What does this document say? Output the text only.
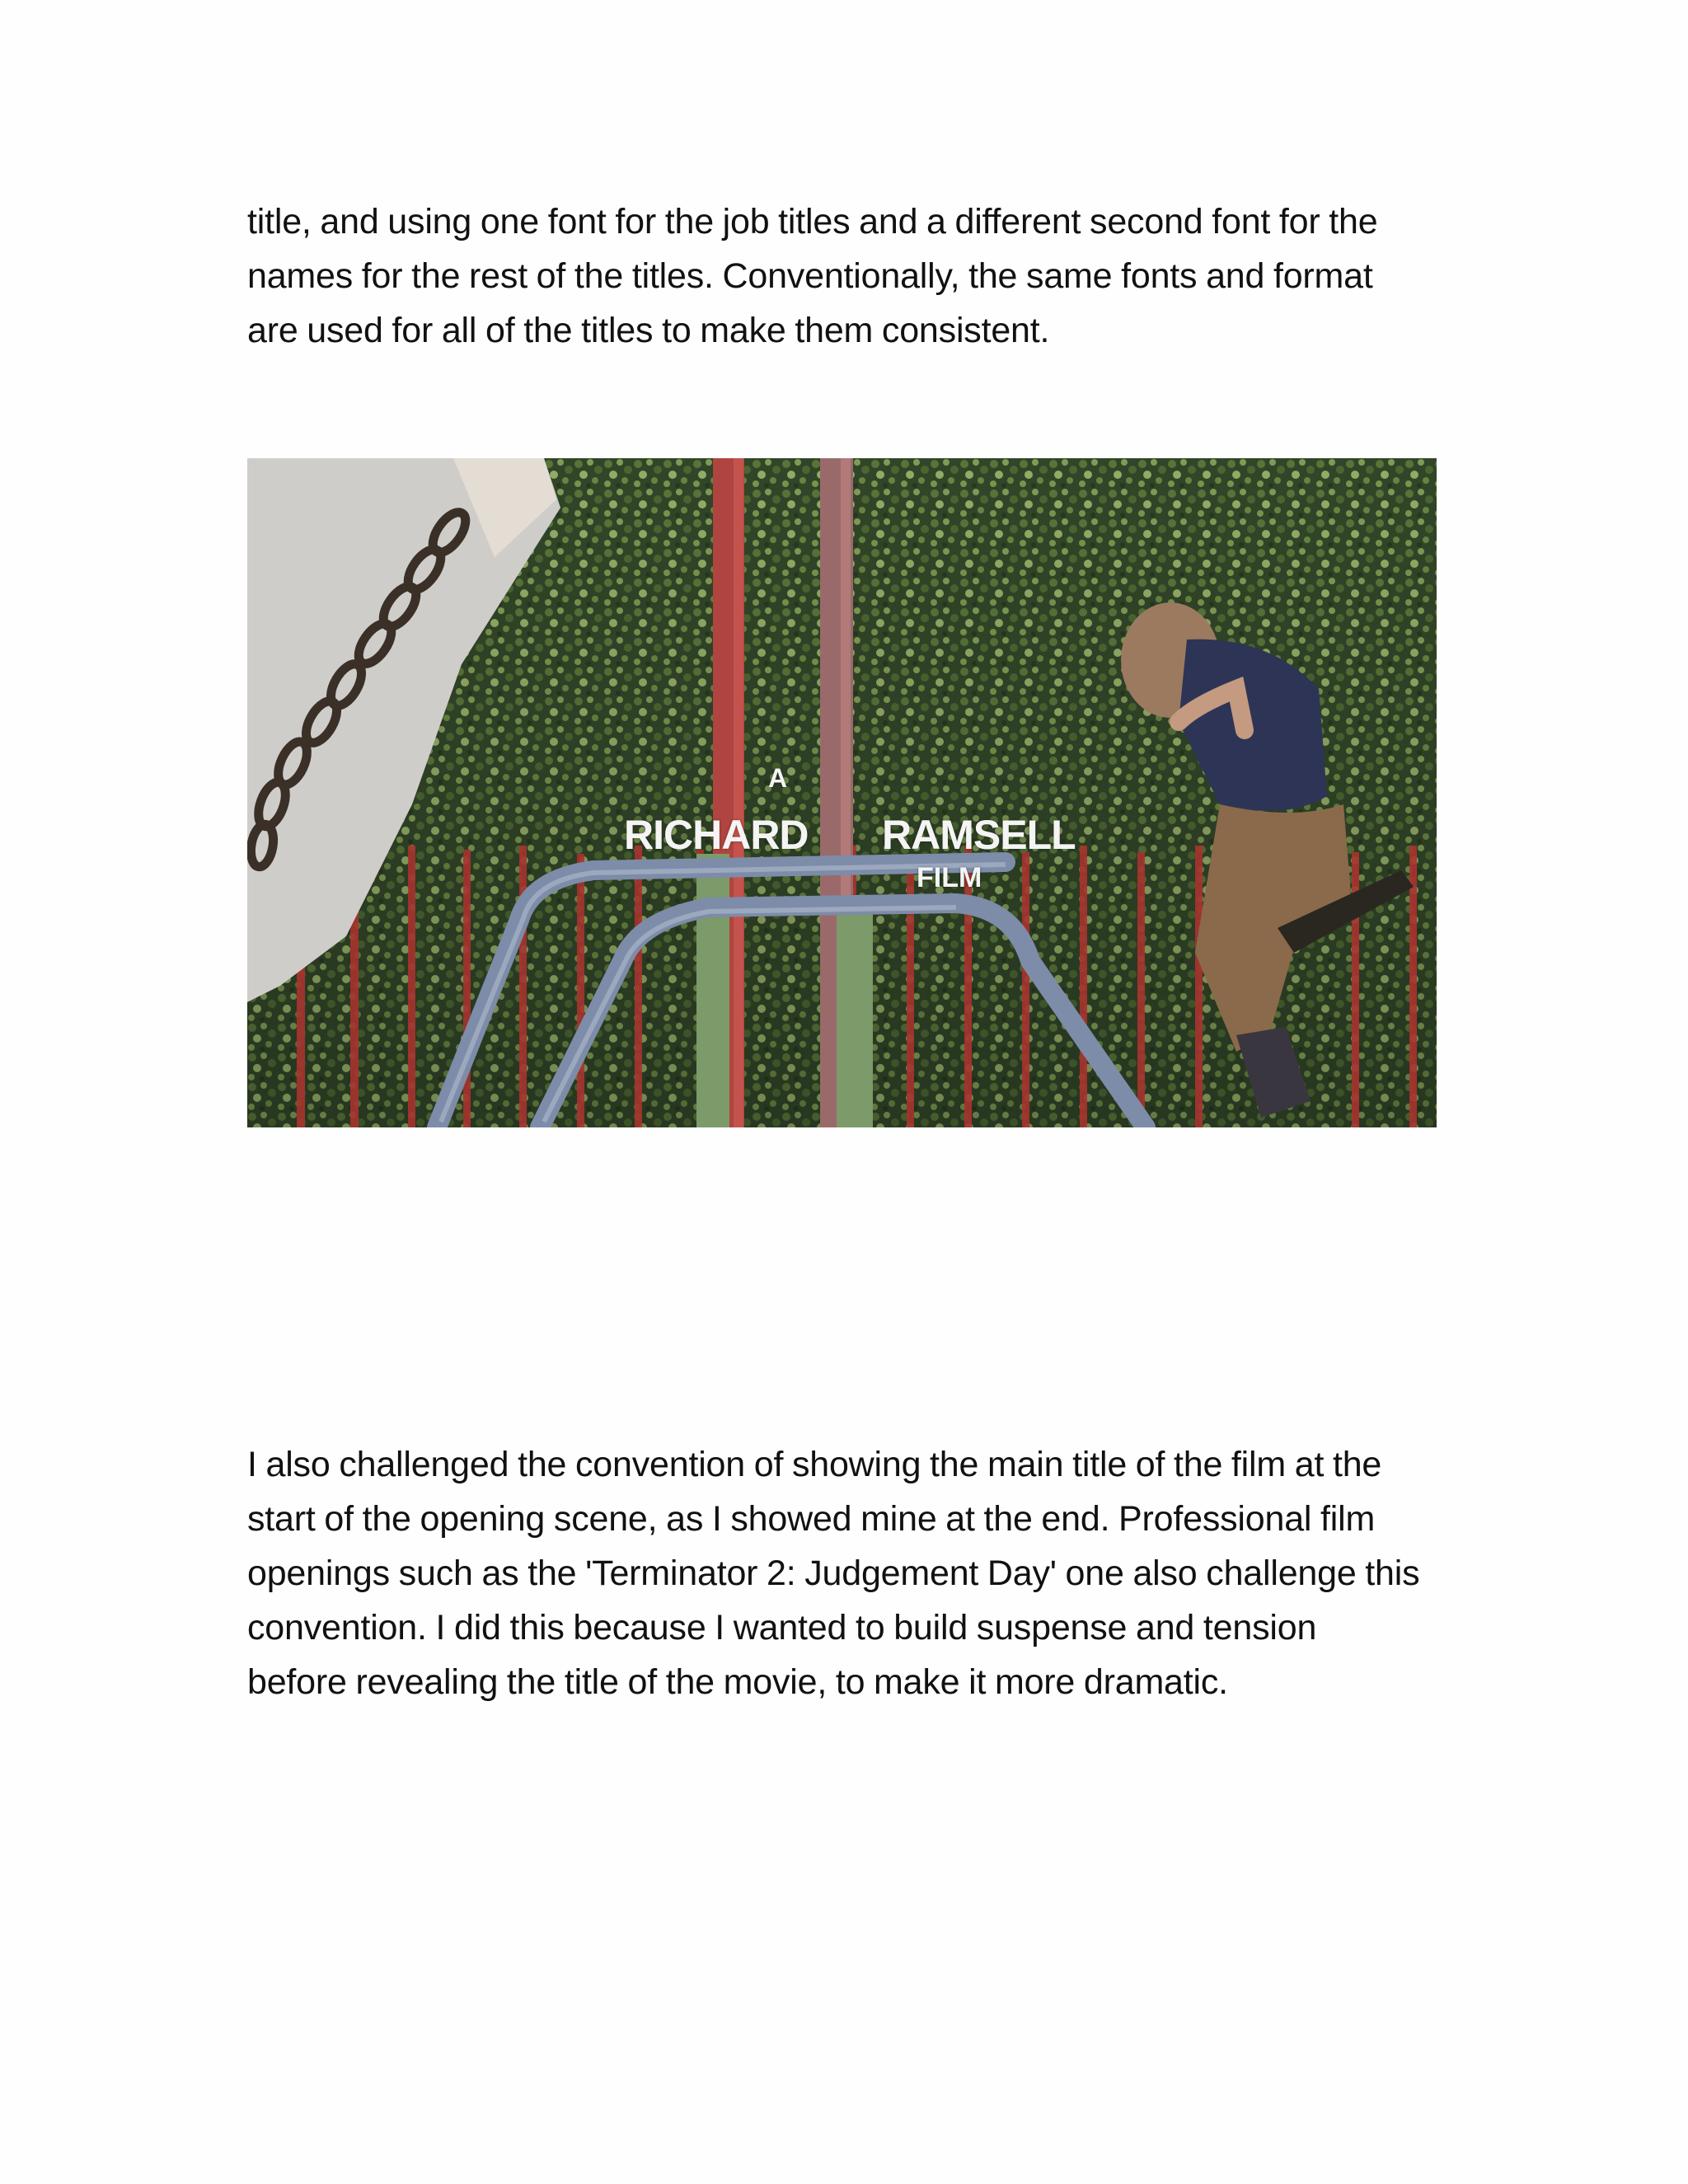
title, and using one font for the job titles and a different second font for the
names for the rest of the titles. Conventionally, the same fonts and format
are used for all of the titles to make them consistent.

A
RICHARD RAMSELL
FILM

I also challenged the convention of showing the main title of the film at the
start of the opening scene, as I showed mine at the end. Professional film
openings such as the 'Terminator 2: Judgement Day' one also challenge this
convention. I did this because I wanted to build suspense and tension
before revealing the title of the movie, to make it more dramatic.
